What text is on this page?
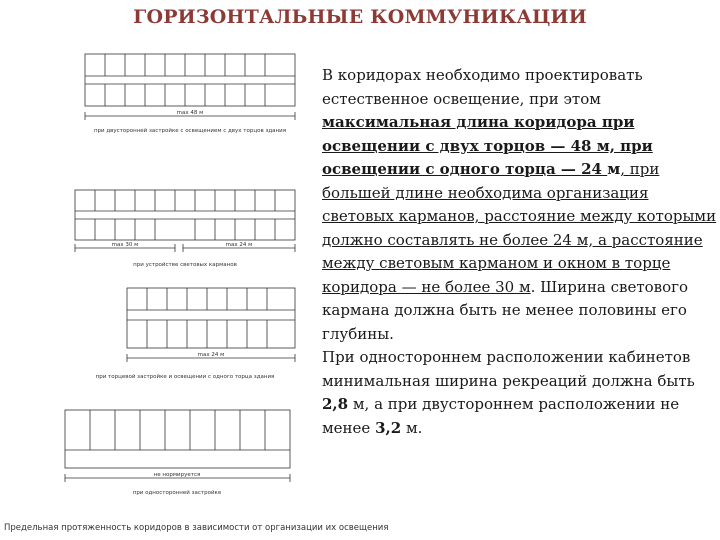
ГОРИЗОНТАЛЬНЫЕ КОММУНИКАЦИИ
max 48 м
при двусторонней застройке с освещением с двух торцов здания
max 30 м	max 24 м
при устройстве световых карманов
max 24 м
при торцевой застройке и освещении с одного торца здания
не нормируется
при односторонней застройке
Предельная протяженность коридоров в зависимости от организации их освещения

В коридорах необходимо проектировать естественное освещение, при этом максимальная длина коридора при освещении с двух торцов — 48 м, при освещении с одного торца — 24 м, при большей длине необходима организация световых карманов, расстояние между которыми должно составлять не более 24 м, а расстояние между световым карманом и окном в торце коридора — не более 30 м. Ширина светового кармана должна быть не менее половины его глубины.

При одностороннем расположении кабинетов минимальная ширина рекреаций должна быть 2,8 м, а при двустороннем расположении не менее 3,2 м.
